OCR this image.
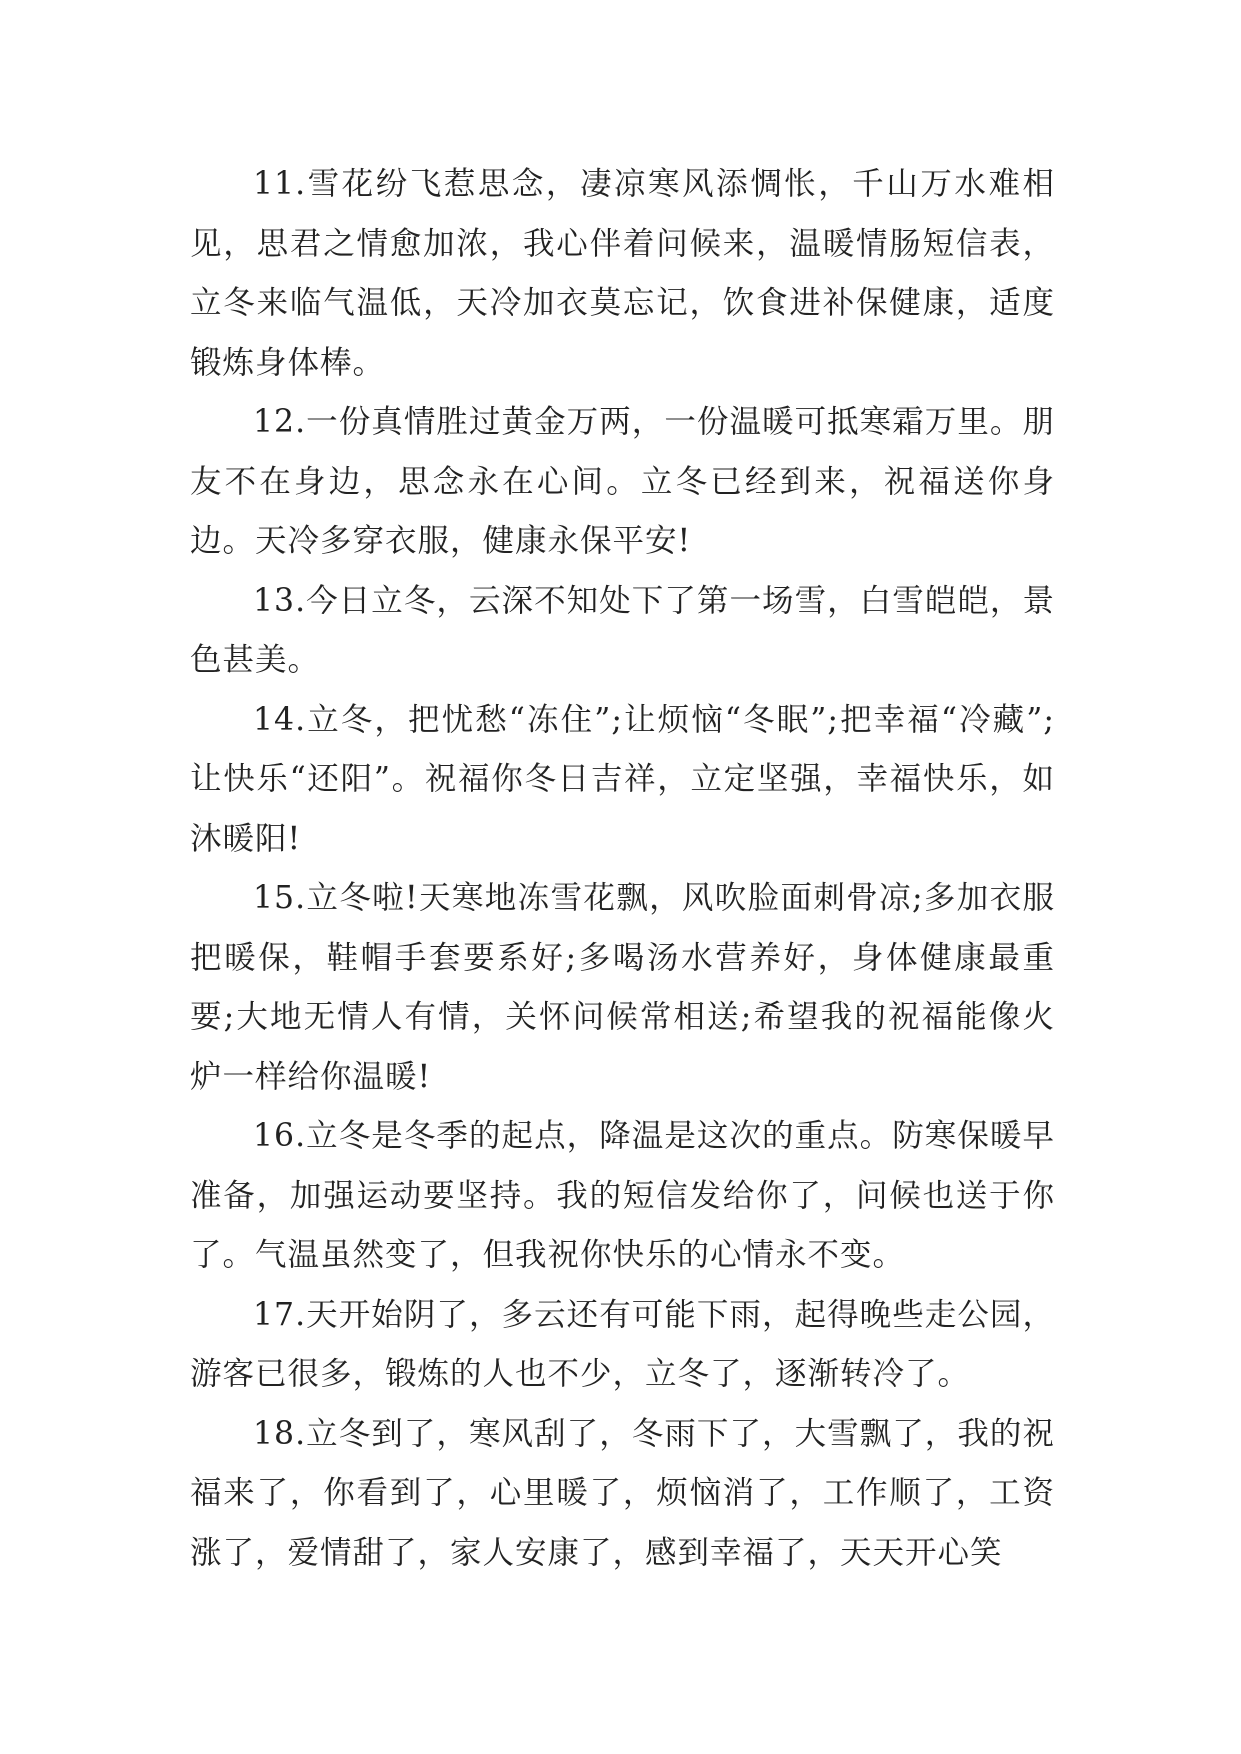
11.雪花纷飞惹思念，凄凉寒风添惆怅，千山万水难相见，思君之情愈加浓，我心伴着问候来，温暖情肠短信表，立冬来临气温低，天冷加衣莫忘记，饮食进补保健康，适度锻炼身体棒。

12.一份真情胜过黄金万两，一份温暖可抵寒霜万里。朋友不在身边，思念永在心间。立冬已经到来，祝福送你身边。天冷多穿衣服，健康永保平安!

13.今日立冬，云深不知处下了第一场雪，白雪皑皑，景色甚美。

14.立冬，把忧愁“冻住”;让烦恼“冬眠”;把幸福“冷藏”;让快乐“还阳”。祝福你冬日吉祥，立定坚强，幸福快乐，如沐暖阳!

15.立冬啦!天寒地冻雪花飘，风吹脸面刺骨凉;多加衣服把暖保，鞋帽手套要系好;多喝汤水营养好，身体健康最重要;大地无情人有情，关怀问候常相送;希望我的祝福能像火炉一样给你温暖!

16.立冬是冬季的起点，降温是这次的重点。防寒保暖早准备，加强运动要坚持。我的短信发给你了，问候也送于你了。气温虽然变了，但我祝你快乐的心情永不变。

17.天开始阴了，多云还有可能下雨，起得晚些走公园，游客已很多，锻炼的人也不少，立冬了，逐渐转冷了。

18.立冬到了，寒风刮了，冬雨下了，大雪飘了，我的祝福来了，你看到了，心里暖了，烦恼消了，工作顺了，工资涨了，爱情甜了，家人安康了，感到幸福了，天天开心笑
